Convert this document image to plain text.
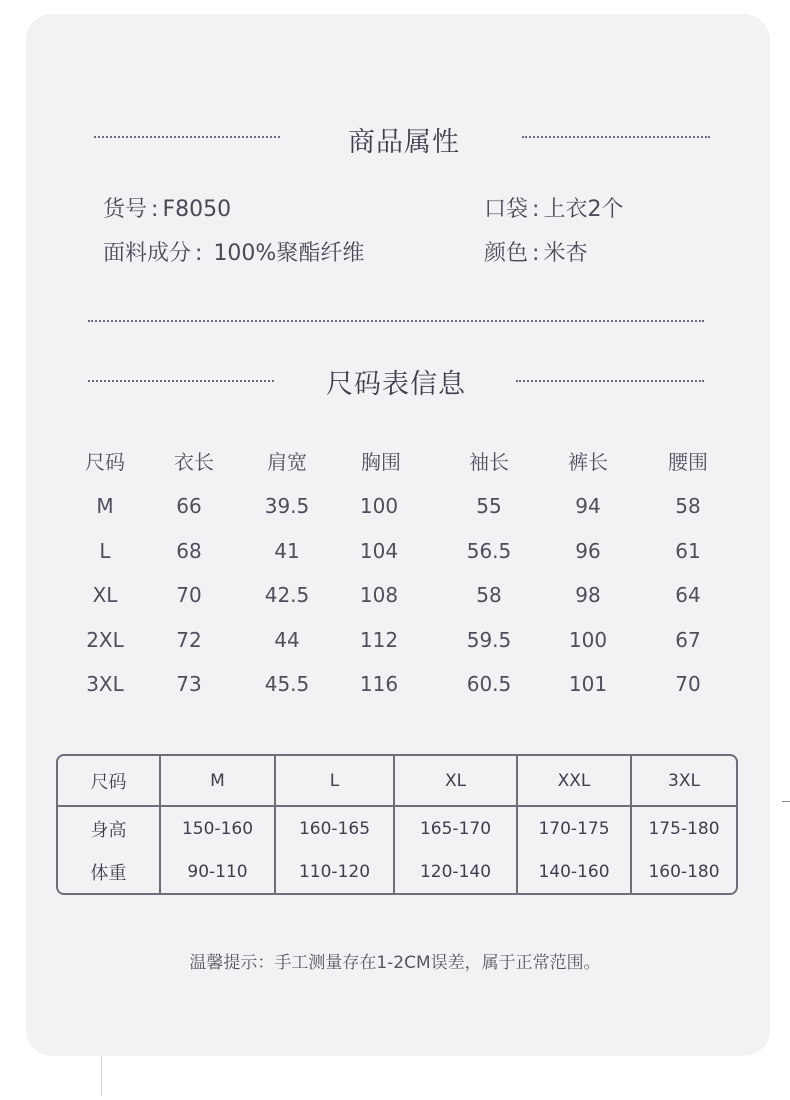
商品属性
货号 : F8050	口袋 : 上衣2个
面料成分 : 100%聚酯纤维	颜色 : 米杏
尺码表信息
尺码	衣长	肩宽	胸围	袖长	裤长	腰围
M	66	39.5	100	55	94	58
L	68	41	104	56.5	96	61
XL	70	42.5	108	58	98	64
2XL	72	44	112	59.5	100	67
3XL	73	45.5	116	60.5	101	70
尺码	M	L	XL	XXL	3XL
身高	150-160	160-165	165-170	170-175	175-180
体重	90-110	110-120	120-140	140-160	160-180
温馨提示：手工测量存在1-2CM误差，属于正常范围。
